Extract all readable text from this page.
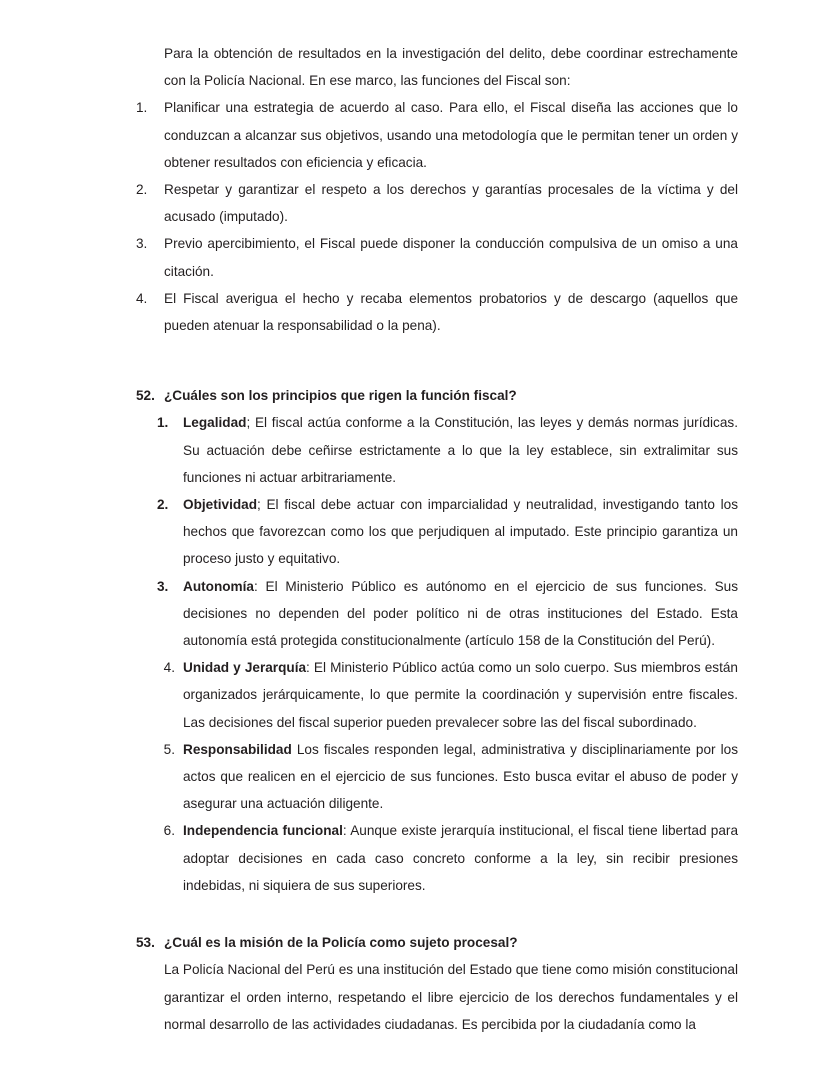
Para la obtención de resultados en la investigación del delito, debe coordinar estrechamente con la Policía Nacional. En ese marco, las funciones del Fiscal son:

1.	Planificar una estrategia de acuerdo al caso. Para ello, el Fiscal diseña las acciones que lo conduzcan a alcanzar sus objetivos, usando una metodología que le permitan tener un orden y obtener resultados con eficiencia y eficacia.
2.	Respetar y garantizar el respeto a los derechos y garantías procesales de la víctima y del acusado (imputado).
3.	Previo apercibimiento, el Fiscal puede disponer la conducción compulsiva de un omiso a una citación.
4.	El Fiscal averigua el hecho y recaba elementos probatorios y de descargo (aquellos que pueden atenuar la responsabilidad o la pena).

52. ¿Cuáles son los principios que rigen la función fiscal?

1.	Legalidad; El fiscal actúa conforme a la Constitución, las leyes y demás normas jurídicas. Su actuación debe ceñirse estrictamente a lo que la ley establece, sin extralimitar sus funciones ni actuar arbitrariamente.
2.	Objetividad; El fiscal debe actuar con imparcialidad y neutralidad, investigando tanto los hechos que favorezcan como los que perjudiquen al imputado. Este principio garantiza un proceso justo y equitativo.
3.	Autonomía: El Ministerio Público es autónomo en el ejercicio de sus funciones. Sus decisiones no dependen del poder político ni de otras instituciones del Estado. Esta autonomía está protegida constitucionalmente (artículo 158 de la Constitución del Perú).
4. Unidad y Jerarquía: El Ministerio Público actúa como un solo cuerpo. Sus miembros están organizados jerárquicamente, lo que permite la coordinación y supervisión entre fiscales. Las decisiones del fiscal superior pueden prevalecer sobre las del fiscal subordinado.
5. Responsabilidad Los fiscales responden legal, administrativa y disciplinariamente por los actos que realicen en el ejercicio de sus funciones. Esto busca evitar el abuso de poder y asegurar una actuación diligente.
6. Independencia funcional: Aunque existe jerarquía institucional, el fiscal tiene libertad para adoptar decisiones en cada caso concreto conforme a la ley, sin recibir presiones indebidas, ni siquiera de sus superiores.

53. ¿Cuál es la misión de la Policía como sujeto procesal?

La Policía Nacional del Perú es una institución del Estado que tiene como misión constitucional garantizar el orden interno, respetando el libre ejercicio de los derechos fundamentales y el normal desarrollo de las actividades ciudadanas. Es percibida por la ciudadanía como la
